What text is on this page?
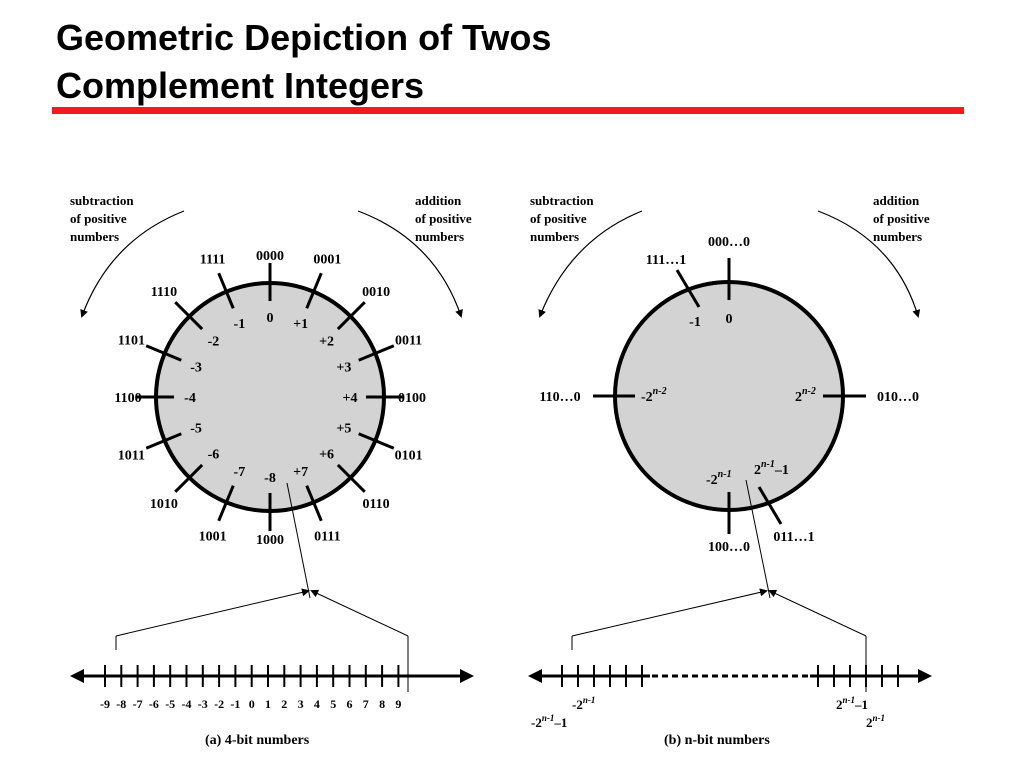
Geometric Depiction of Twos
Complement Integers
subtraction of positive numbers
addition of positive numbers
0000
0
0001
+1
0010
+2	0011
+3
0100
+4
0101
+5
0110
+6
0111
+7
1000
-8
1001
-7
1010
-6
1011
-5
1100	-4
1101
-3
1110
-2
1111
-1
-9 -8 -7 -6 -5 -4 -3 -2 -1 0 1 2 3 4 5 6 7 8 9
(a) 4-bit numbers
subtraction of positive numbers
addition of positive numbers
000…0
0
111…1
-1
110…0	-2$^{n-2}$	010…0
2$^{n-2}$
100…0
-2$^{n-1}$
011…1
2$^{n-1}$–1
-2$^{n-1}$–1
-2$^{n-1}$	2$^{n-1}$–1
2$^{n-1}$
(b) n-bit numbers
